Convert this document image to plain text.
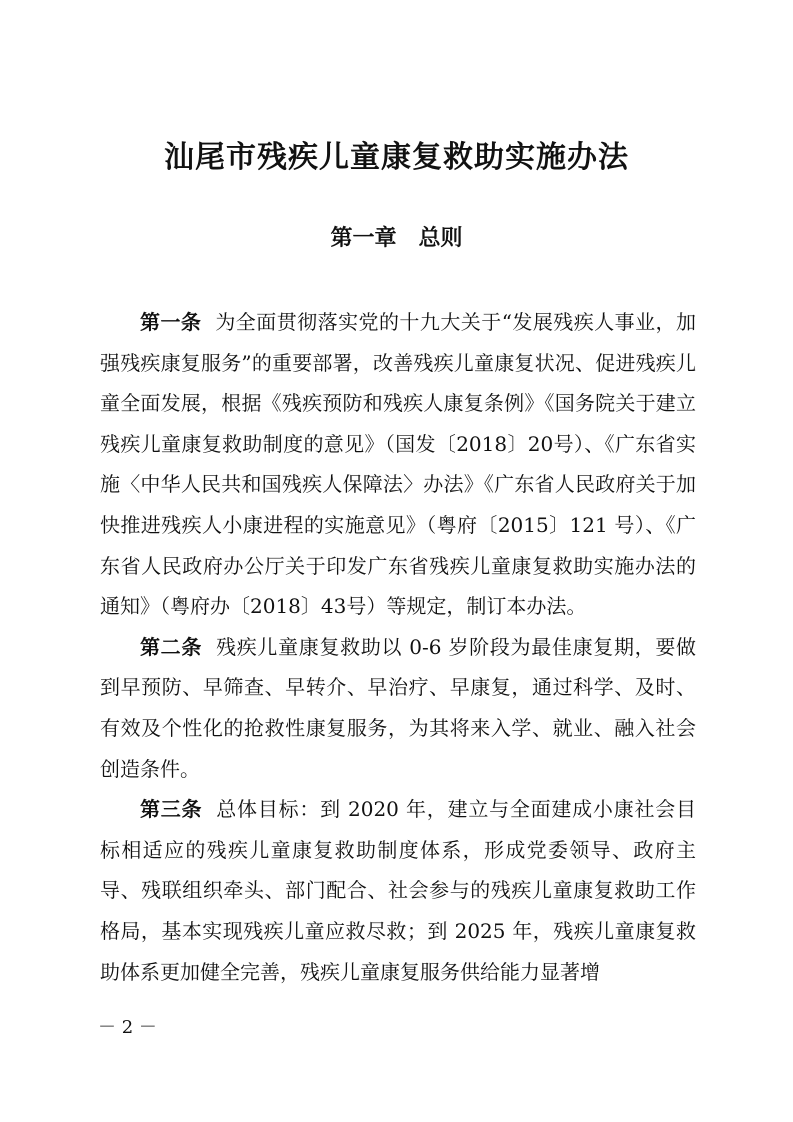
汕尾市残疾儿童康复救助实施办法
第一章　总则

第一条 为全面贯彻落实党的十九大关于“发展残疾人事业，加强残疾康复服务”的重要部署，改善残疾儿童康复状况、促进残疾儿童全面发展，根据《残疾预防和残疾人康复条例》《国务院关于建立残疾儿童康复救助制度的意见》（国发〔2018〕20号）、《广东省实施〈中华人民共和国残疾人保障法〉办法》《广东省人民政府关于加快推进残疾人小康进程的实施意见》（粤府〔2015〕121 号）、《广东省人民政府办公厅关于印发广东省残疾儿童康复救助实施办法的通知》（粤府办〔2018〕43号）等规定，制订本办法。

第二条 残疾儿童康复救助以 0-6 岁阶段为最佳康复期，要做到早预防、早筛查、早转介、早治疗、早康复，通过科学、及时、有效及个性化的抢救性康复服务，为其将来入学、就业、融入社会创造条件。

第三条 总体目标：到 2020 年，建立与全面建成小康社会目标相适应的残疾儿童康复救助制度体系，形成党委领导、政府主导、残联组织牵头、部门配合、社会参与的残疾儿童康复救助工作格局，基本实现残疾儿童应救尽救；到 2025 年，残疾儿童康复救助体系更加健全完善，残疾儿童康复服务供给能力显著增

－ 2 －
